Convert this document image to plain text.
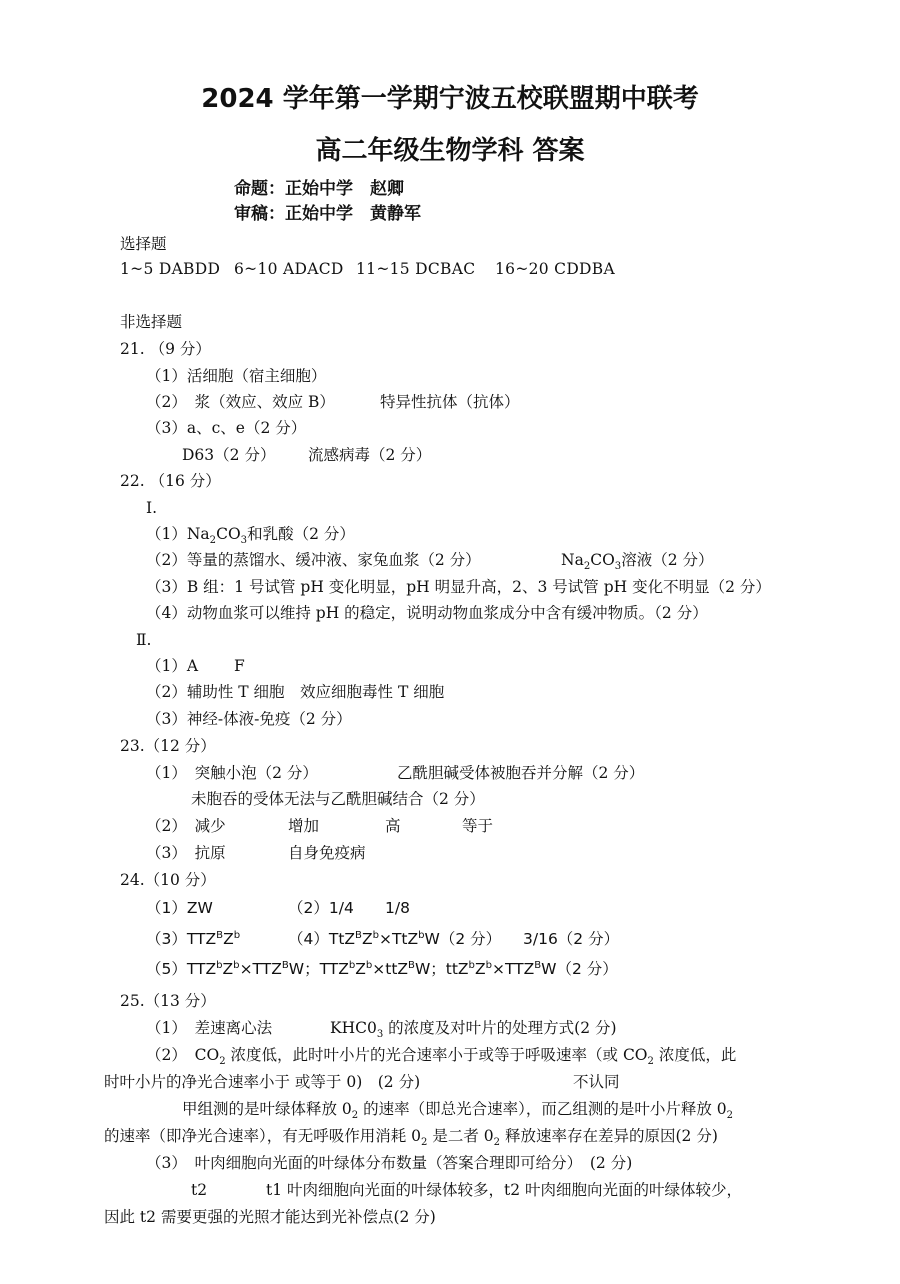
2024 学年第一学期宁波五校联盟期中联考
高二年级生物学科 答案
命题：正始中学　赵卿
审稿：正始中学　黄静军
选择题
1~5 DABDD 6~10 ADACD 11~15 DCBAC 16~20 CDDBA
非选择题
21. （9 分）
（1）活细胞（宿主细胞）
（2）　浆（效应、效应 B）	特异性抗体（抗体）
（3）a、c、e（2 分）
D63（2 分） 流感病毒（2 分）
22. （16 分）
Ⅰ.
$(1)Na_2CO_3$和乳酸（2 分）
（2）等量的蒸馏水、缓冲液、家兔血浆（2 分）	$Na_2CO_3$溶液（2 分）
（3）B 组：1 号试管 pH 变化明显，pH 明显升高，2、3 号试管 pH 变化不明显（2 分）
（4）动物血浆可以维持 pH 的稳定，说明动物血浆成分中含有缓冲物质。（2 分）
Ⅱ.
（1）A　　 F
（2）辅助性 T 细胞　效应细胞毒性 T 细胞
（3）神经-体液-免疫（2 分）
23.（12 分）
（1）　突触小泡（2 分）	乙酰胆碱受体被胞吞并分解（2 分）
未胞吞的受体无法与乙酰胆碱结合（2 分）
（2）　减少	增加	高	等于
（3）　抗原	自身免疫病
24.（10 分）
（1）ZW	（2）1/4 1/8
$(3)TTZ^BZ^b$	$(4)TtZ^BZ^b\times TtZ^bW(2$ 分） 3/16（2 分）
$(5)TTZ^bZ^b\times TTZ^BW$；$TTZ^bZ^b\times ttZ^BW$；$ttZ^bZ^b\times TTZ^BW(2$ 分）
25.（13 分）
（1）　差速离心法	$KHC0_3$ 的浓度及对叶片的处理方式(2 分)
（2）　$CO_2$ 浓度低，此时叶小片的光合速率小于或等于呼吸速率（或 $CO_2$ 浓度低，此
时叶小片的净光合速率小于 或等于 0)　(2 分)	不认同
甲组测的是叶绿体释放 $0_2$ 的速率（即总光合速率），而乙组测的是叶小片释放 $0_2$
的速率（即净光合速率），有无呼吸作用消耗 $0_2$ 是二者 $0_2$ 释放速率存在差异的原因(2 分)
（3）　叶肉细胞向光面的叶绿体分布数量（答案合理即可给分）　(2 分)
t2	t1 叶肉细胞向光面的叶绿体较多，t2 叶肉细胞向光面的叶绿体较少，
因此 t2 需要更强的光照才能达到光补偿点(2 分)
